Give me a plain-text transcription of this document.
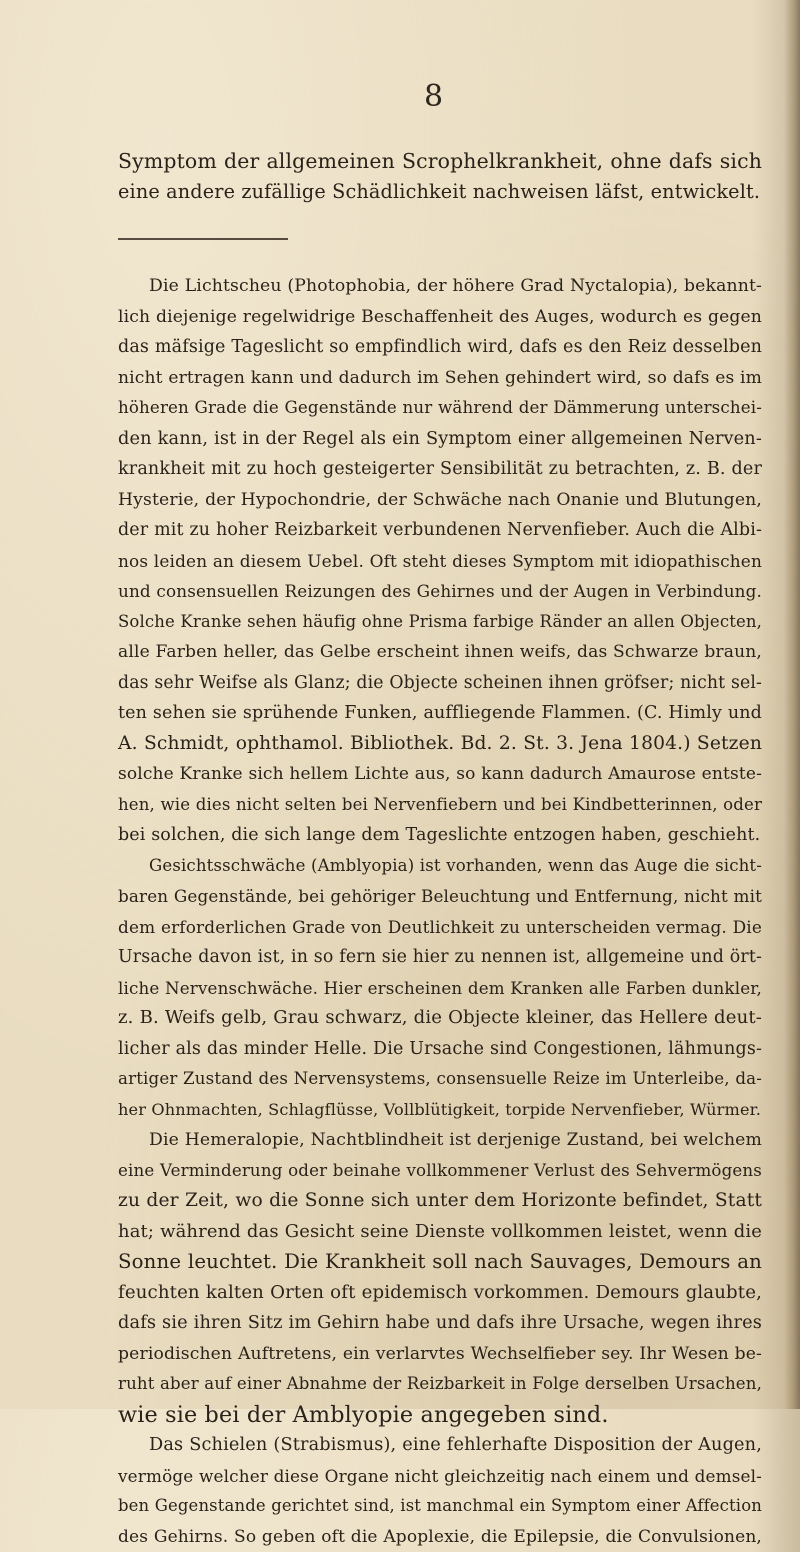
8
Symptom der allgemeinen Scrophelkrankheit, ohne dafs sich
eine andere zufällige Schädlichkeit nachweisen läfst, entwickelt.
Die Lichtscheu (Photophobia, der höhere Grad Nyctalopia), bekannt-
lich diejenige regelwidrige Beschaffenheit des Auges, wodurch es gegen
das mäfsige Tageslicht so empfindlich wird, dafs es den Reiz desselben
nicht ertragen kann und dadurch im Sehen gehindert wird, so dafs es im
höheren Grade die Gegenstände nur während der Dämmerung unterschei-
den kann, ist in der Regel als ein Symptom einer allgemeinen Nerven-
krankheit mit zu hoch gesteigerter Sensibilität zu betrachten, z. B. der
Hysterie, der Hypochondrie, der Schwäche nach Onanie und Blutungen,
der mit zu hoher Reizbarkeit verbundenen Nervenfieber. Auch die Albi-
nos leiden an diesem Uebel. Oft steht dieses Symptom mit idiopathischen
und consensuellen Reizungen des Gehirnes und der Augen in Verbindung.
Solche Kranke sehen häufig ohne Prisma farbige Ränder an allen Objecten,
alle Farben heller, das Gelbe erscheint ihnen weifs, das Schwarze braun,
das sehr Weifse als Glanz; die Objecte scheinen ihnen gröfser; nicht sel-
ten sehen sie sprühende Funken, auffliegende Flammen. (C. Himly und
A. Schmidt, ophthamol. Bibliothek. Bd. 2. St. 3. Jena 1804.) Setzen
solche Kranke sich hellem Lichte aus, so kann dadurch Amaurose entste-
hen, wie dies nicht selten bei Nervenfiebern und bei Kindbetterinnen, oder
bei solchen, die sich lange dem Tageslichte entzogen haben, geschieht.
Gesichtsschwäche (Amblyopia) ist vorhanden, wenn das Auge die sicht-
baren Gegenstände, bei gehöriger Beleuchtung und Entfernung, nicht mit
dem erforderlichen Grade von Deutlichkeit zu unterscheiden vermag. Die
Ursache davon ist, in so fern sie hier zu nennen ist, allgemeine und ört-
liche Nervenschwäche. Hier erscheinen dem Kranken alle Farben dunkler,
z. B. Weifs gelb, Grau schwarz, die Objecte kleiner, das Hellere deut-
licher als das minder Helle. Die Ursache sind Congestionen, lähmungs-
artiger Zustand des Nervensystems, consensuelle Reize im Unterleibe, da-
her Ohnmachten, Schlagflüsse, Vollblütigkeit, torpide Nervenfieber, Würmer.
Die Hemeralopie, Nachtblindheit ist derjenige Zustand, bei welchem
eine Verminderung oder beinahe vollkommener Verlust des Sehvermögens
zu der Zeit, wo die Sonne sich unter dem Horizonte befindet, Statt
hat; während das Gesicht seine Dienste vollkommen leistet, wenn die
Sonne leuchtet. Die Krankheit soll nach Sauvages, Demours an
feuchten kalten Orten oft epidemisch vorkommen. Demours glaubte,
dafs sie ihren Sitz im Gehirn habe und dafs ihre Ursache, wegen ihres
periodischen Auftretens, ein verlarvtes Wechselfieber sey. Ihr Wesen be-
ruht aber auf einer Abnahme der Reizbarkeit in Folge derselben Ursachen,
wie sie bei der Amblyopie angegeben sind.
Das Schielen (Strabismus), eine fehlerhafte Disposition der Augen,
vermöge welcher diese Organe nicht gleichzeitig nach einem und demsel-
ben Gegenstande gerichtet sind, ist manchmal ein Symptom einer Affection
des Gehirns. So geben oft die Apoplexie, die Epilepsie, die Convulsionen,
